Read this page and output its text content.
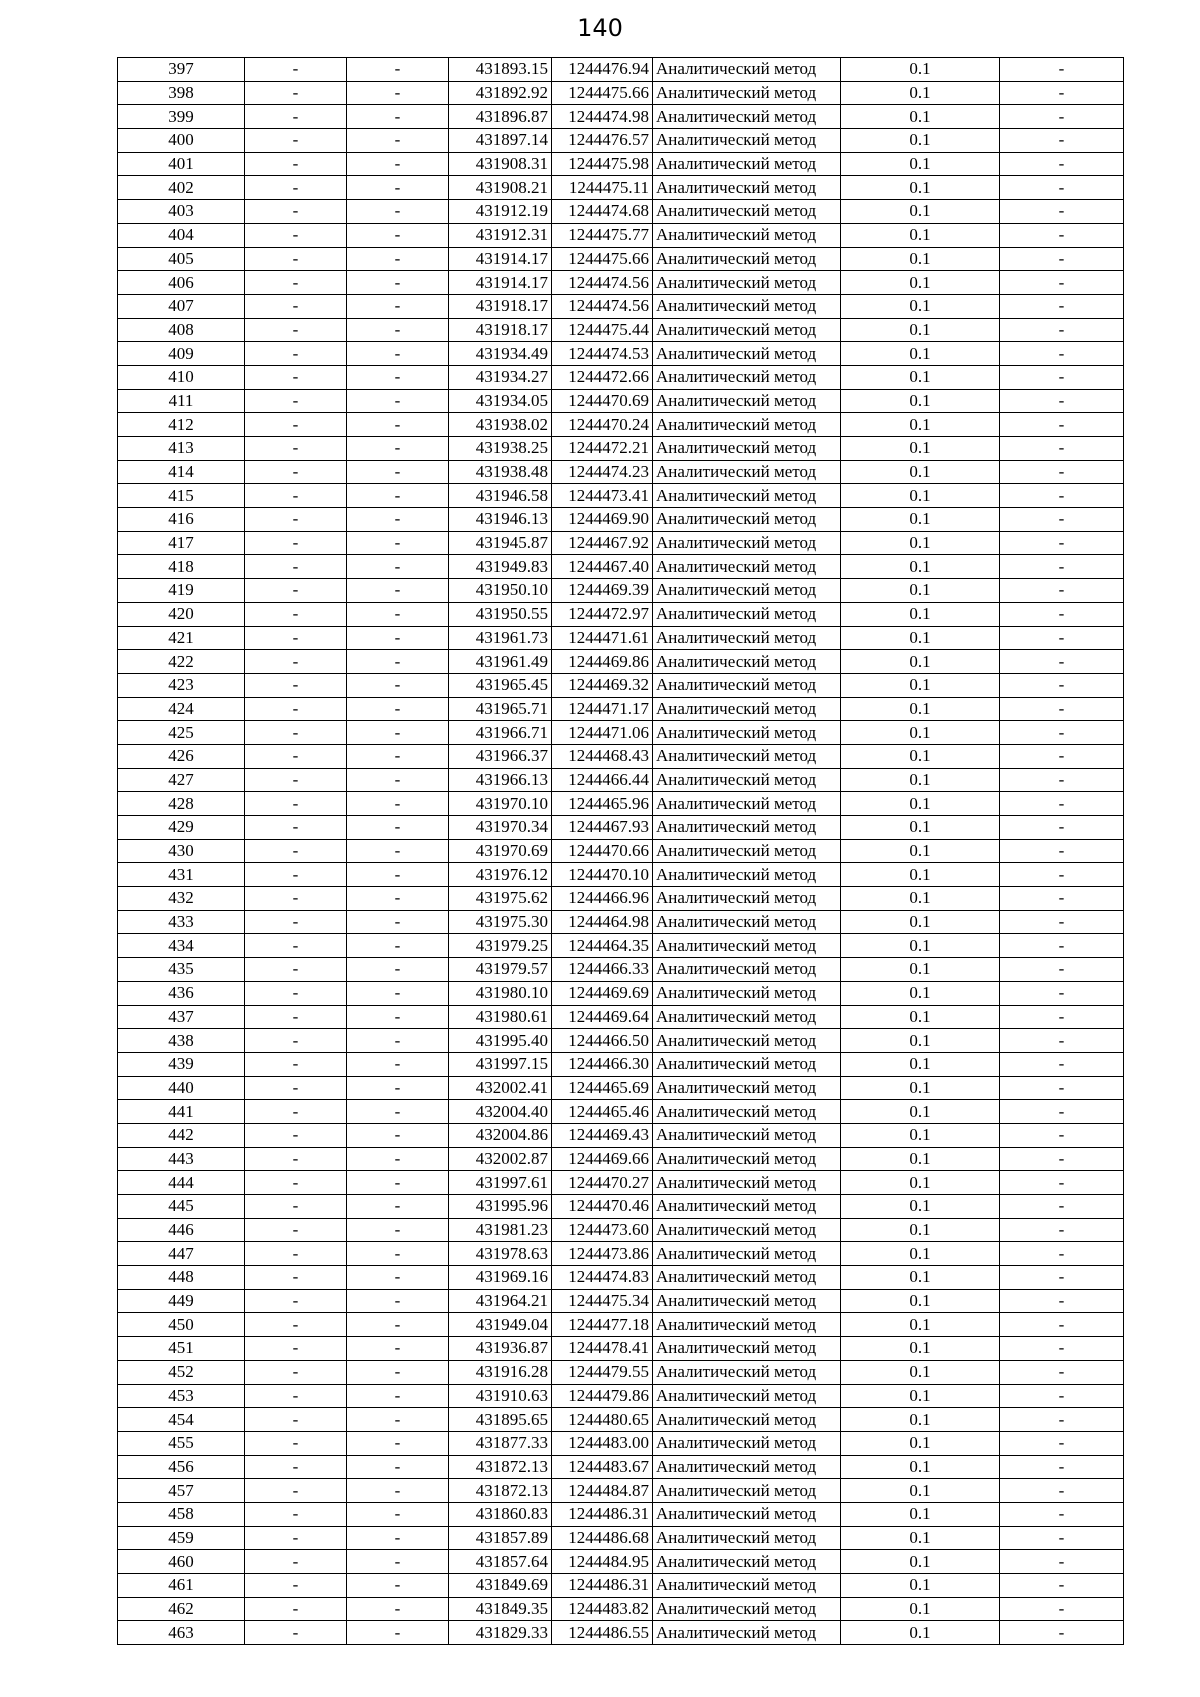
140
397	-	-	431893.15	1244476.94	Аналитический метод	0.1	-
398	-	-	431892.92	1244475.66	Аналитический метод	0.1	-
399	-	-	431896.87	1244474.98	Аналитический метод	0.1	-
400	-	-	431897.14	1244476.57	Аналитический метод	0.1	-
401	-	-	431908.31	1244475.98	Аналитический метод	0.1	-
402	-	-	431908.21	1244475.11	Аналитический метод	0.1	-
403	-	-	431912.19	1244474.68	Аналитический метод	0.1	-
404	-	-	431912.31	1244475.77	Аналитический метод	0.1	-
405	-	-	431914.17	1244475.66	Аналитический метод	0.1	-
406	-	-	431914.17	1244474.56	Аналитический метод	0.1	-
407	-	-	431918.17	1244474.56	Аналитический метод	0.1	-
408	-	-	431918.17	1244475.44	Аналитический метод	0.1	-
409	-	-	431934.49	1244474.53	Аналитический метод	0.1	-
410	-	-	431934.27	1244472.66	Аналитический метод	0.1	-
411	-	-	431934.05	1244470.69	Аналитический метод	0.1	-
412	-	-	431938.02	1244470.24	Аналитический метод	0.1	-
413	-	-	431938.25	1244472.21	Аналитический метод	0.1	-
414	-	-	431938.48	1244474.23	Аналитический метод	0.1	-
415	-	-	431946.58	1244473.41	Аналитический метод	0.1	-
416	-	-	431946.13	1244469.90	Аналитический метод	0.1	-
417	-	-	431945.87	1244467.92	Аналитический метод	0.1	-
418	-	-	431949.83	1244467.40	Аналитический метод	0.1	-
419	-	-	431950.10	1244469.39	Аналитический метод	0.1	-
420	-	-	431950.55	1244472.97	Аналитический метод	0.1	-
421	-	-	431961.73	1244471.61	Аналитический метод	0.1	-
422	-	-	431961.49	1244469.86	Аналитический метод	0.1	-
423	-	-	431965.45	1244469.32	Аналитический метод	0.1	-
424	-	-	431965.71	1244471.17	Аналитический метод	0.1	-
425	-	-	431966.71	1244471.06	Аналитический метод	0.1	-
426	-	-	431966.37	1244468.43	Аналитический метод	0.1	-
427	-	-	431966.13	1244466.44	Аналитический метод	0.1	-
428	-	-	431970.10	1244465.96	Аналитический метод	0.1	-
429	-	-	431970.34	1244467.93	Аналитический метод	0.1	-
430	-	-	431970.69	1244470.66	Аналитический метод	0.1	-
431	-	-	431976.12	1244470.10	Аналитический метод	0.1	-
432	-	-	431975.62	1244466.96	Аналитический метод	0.1	-
433	-	-	431975.30	1244464.98	Аналитический метод	0.1	-
434	-	-	431979.25	1244464.35	Аналитический метод	0.1	-
435	-	-	431979.57	1244466.33	Аналитический метод	0.1	-
436	-	-	431980.10	1244469.69	Аналитический метод	0.1	-
437	-	-	431980.61	1244469.64	Аналитический метод	0.1	-
438	-	-	431995.40	1244466.50	Аналитический метод	0.1	-
439	-	-	431997.15	1244466.30	Аналитический метод	0.1	-
440	-	-	432002.41	1244465.69	Аналитический метод	0.1	-
441	-	-	432004.40	1244465.46	Аналитический метод	0.1	-
442	-	-	432004.86	1244469.43	Аналитический метод	0.1	-
443	-	-	432002.87	1244469.66	Аналитический метод	0.1	-
444	-	-	431997.61	1244470.27	Аналитический метод	0.1	-
445	-	-	431995.96	1244470.46	Аналитический метод	0.1	-
446	-	-	431981.23	1244473.60	Аналитический метод	0.1	-
447	-	-	431978.63	1244473.86	Аналитический метод	0.1	-
448	-	-	431969.16	1244474.83	Аналитический метод	0.1	-
449	-	-	431964.21	1244475.34	Аналитический метод	0.1	-
450	-	-	431949.04	1244477.18	Аналитический метод	0.1	-
451	-	-	431936.87	1244478.41	Аналитический метод	0.1	-
452	-	-	431916.28	1244479.55	Аналитический метод	0.1	-
453	-	-	431910.63	1244479.86	Аналитический метод	0.1	-
454	-	-	431895.65	1244480.65	Аналитический метод	0.1	-
455	-	-	431877.33	1244483.00	Аналитический метод	0.1	-
456	-	-	431872.13	1244483.67	Аналитический метод	0.1	-
457	-	-	431872.13	1244484.87	Аналитический метод	0.1	-
458	-	-	431860.83	1244486.31	Аналитический метод	0.1	-
459	-	-	431857.89	1244486.68	Аналитический метод	0.1	-
460	-	-	431857.64	1244484.95	Аналитический метод	0.1	-
461	-	-	431849.69	1244486.31	Аналитический метод	0.1	-
462	-	-	431849.35	1244483.82	Аналитический метод	0.1	-
463	-	-	431829.33	1244486.55	Аналитический метод	0.1	-
